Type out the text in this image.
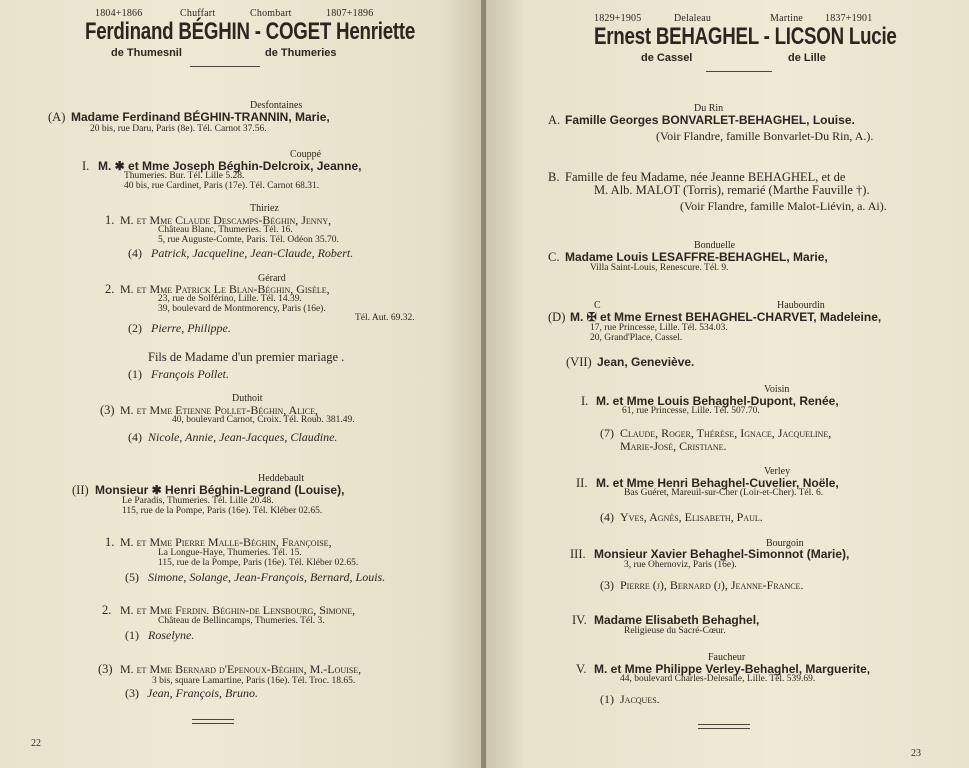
1804+1866	Chuffart	Chombart	1807+1896
Ferdinand BÉGHIN - COGET Henriette
de Thumesnil	de Thumeries
Desfontaines
(A) Madame Ferdinand BÉGHIN-TRANNIN, Marie,
20 bis, rue Daru, Paris (8e). Tél. Carnot 37.56.
Couppé
I. M. ✱ et Mme Joseph Béghin-Delcroix, Jeanne,
Thumeries. Bur. Tél. Lille 5.28.
40 bis, rue Cardinet, Paris (17e). Tél. Carnot 68.31.
Thiriez
1. M. et Mme Claude Descamps-Béghin, Jenny,
Château Blanc, Thumeries. Tél. 16.
5, rue Auguste-Comte, Paris. Tél. Odéon 35.70.
(4) Patrick, Jacqueline, Jean-Claude, Robert.
Gérard
2. M. et Mme Patrick Le Blan-Béghin, Gisèle,
23, rue de Solférino, Lille. Tél. 14.39.
39, boulevard de Montmorency, Paris (16e).
Tél. Aut. 69.32.
(2) Pierre, Philippe.
Fils de Madame d'un premier mariage .
(1) François Pollet.
Duthoit
(3) M. et Mme Etienne Pollet-Béghin, Alice,
40, boulevard Carnot, Croix. Tél. Roub. 381.49.
(4) Nicole, Annie, Jean-Jacques, Claudine.
Heddebault
(II) Monsieur ✱ Henri Béghin-Legrand (Louise),
Le Paradis, Thumeries. Tél. Lille 20.48.
115, rue de la Pompe, Paris (16e). Tél. Kléber 02.65.
1. M. et Mme Pierre Malle-Béghin, Françoise,
La Longue-Haye, Thumeries. Tél. 15.
115, rue de la Pompe, Paris (16e). Tél. Kléber 02.65.
(5) Simone, Solange, Jean-François, Bernard, Louis.
2. M. et Mme Ferdin. Béghin-de Lensbourg, Simone,
Château de Bellincamps, Thumeries. Tél. 3.
(1) Roselyne.
(3) M. et Mme Bernard d'Epenoux-Béghin, M.-Louise,
3 bis, square Lamartine, Paris (16e). Tél. Troc. 18.65.
(3) Jean, François, Bruno.
22
1829+1905	Delaleau	Martine 1837+1901
Ernest BEHAGHEL - LICSON Lucie
de Cassel	de Lille
Du Rin
A. Famille Georges BONVARLET-BEHAGHEL, Louise.
(Voir Flandre, famille Bonvarlet-Du Rin, A.).
B. Famille de feu Madame, née Jeanne BEHAGHEL, et de
M. Alb. MALOT (Torris), remarié (Marthe Fauville †).
(Voir Flandre, famille Malot-Liévin, a. Ai).
Bonduelle
C. Madame Louis LESAFFRE-BEHAGHEL, Marie,
Villa Saint-Louis, Renescure. Tél. 9.
C	Haubourdin
(D) M. ✠ et Mme Ernest BEHAGHEL-CHARVET, Madeleine,
17, rue Princesse, Lille. Tél. 534.03.
20, Grand'Place, Cassel.
(VII) Jean, Geneviève.
Voisin
I. M. et Mme Louis Behaghel-Dupont, Renée,
61, rue Princesse, Lille. Tél. 507.70.
(7) Claude, Roger, Thérèse, Ignace, Jacqueline,
Marie-José, Cristiane.
Verley
II. M. et Mme Henri Behaghel-Cuvelier, Noële,
Bas Guéret, Mareuil-sur-Cher (Loir-et-Cher). Tél. 6.
(4) Yves, Agnès, Elisabeth, Paul.
Bourgoin
III. Monsieur Xavier Behaghel-Simonnot (Marie),
3, rue Ohernoviz, Paris (16e).
(3) Pierre (j), Bernard (j), Jeanne-France.
IV. Madame Elisabeth Behaghel,
Religieuse du Sacré-Cœur.
Faucheur
V. M. et Mme Philippe Verley-Behaghel, Marguerite,
44, boulevard Charles-Delesalle, Lille. Tél. 539.69.
(1) Jacques.
23
